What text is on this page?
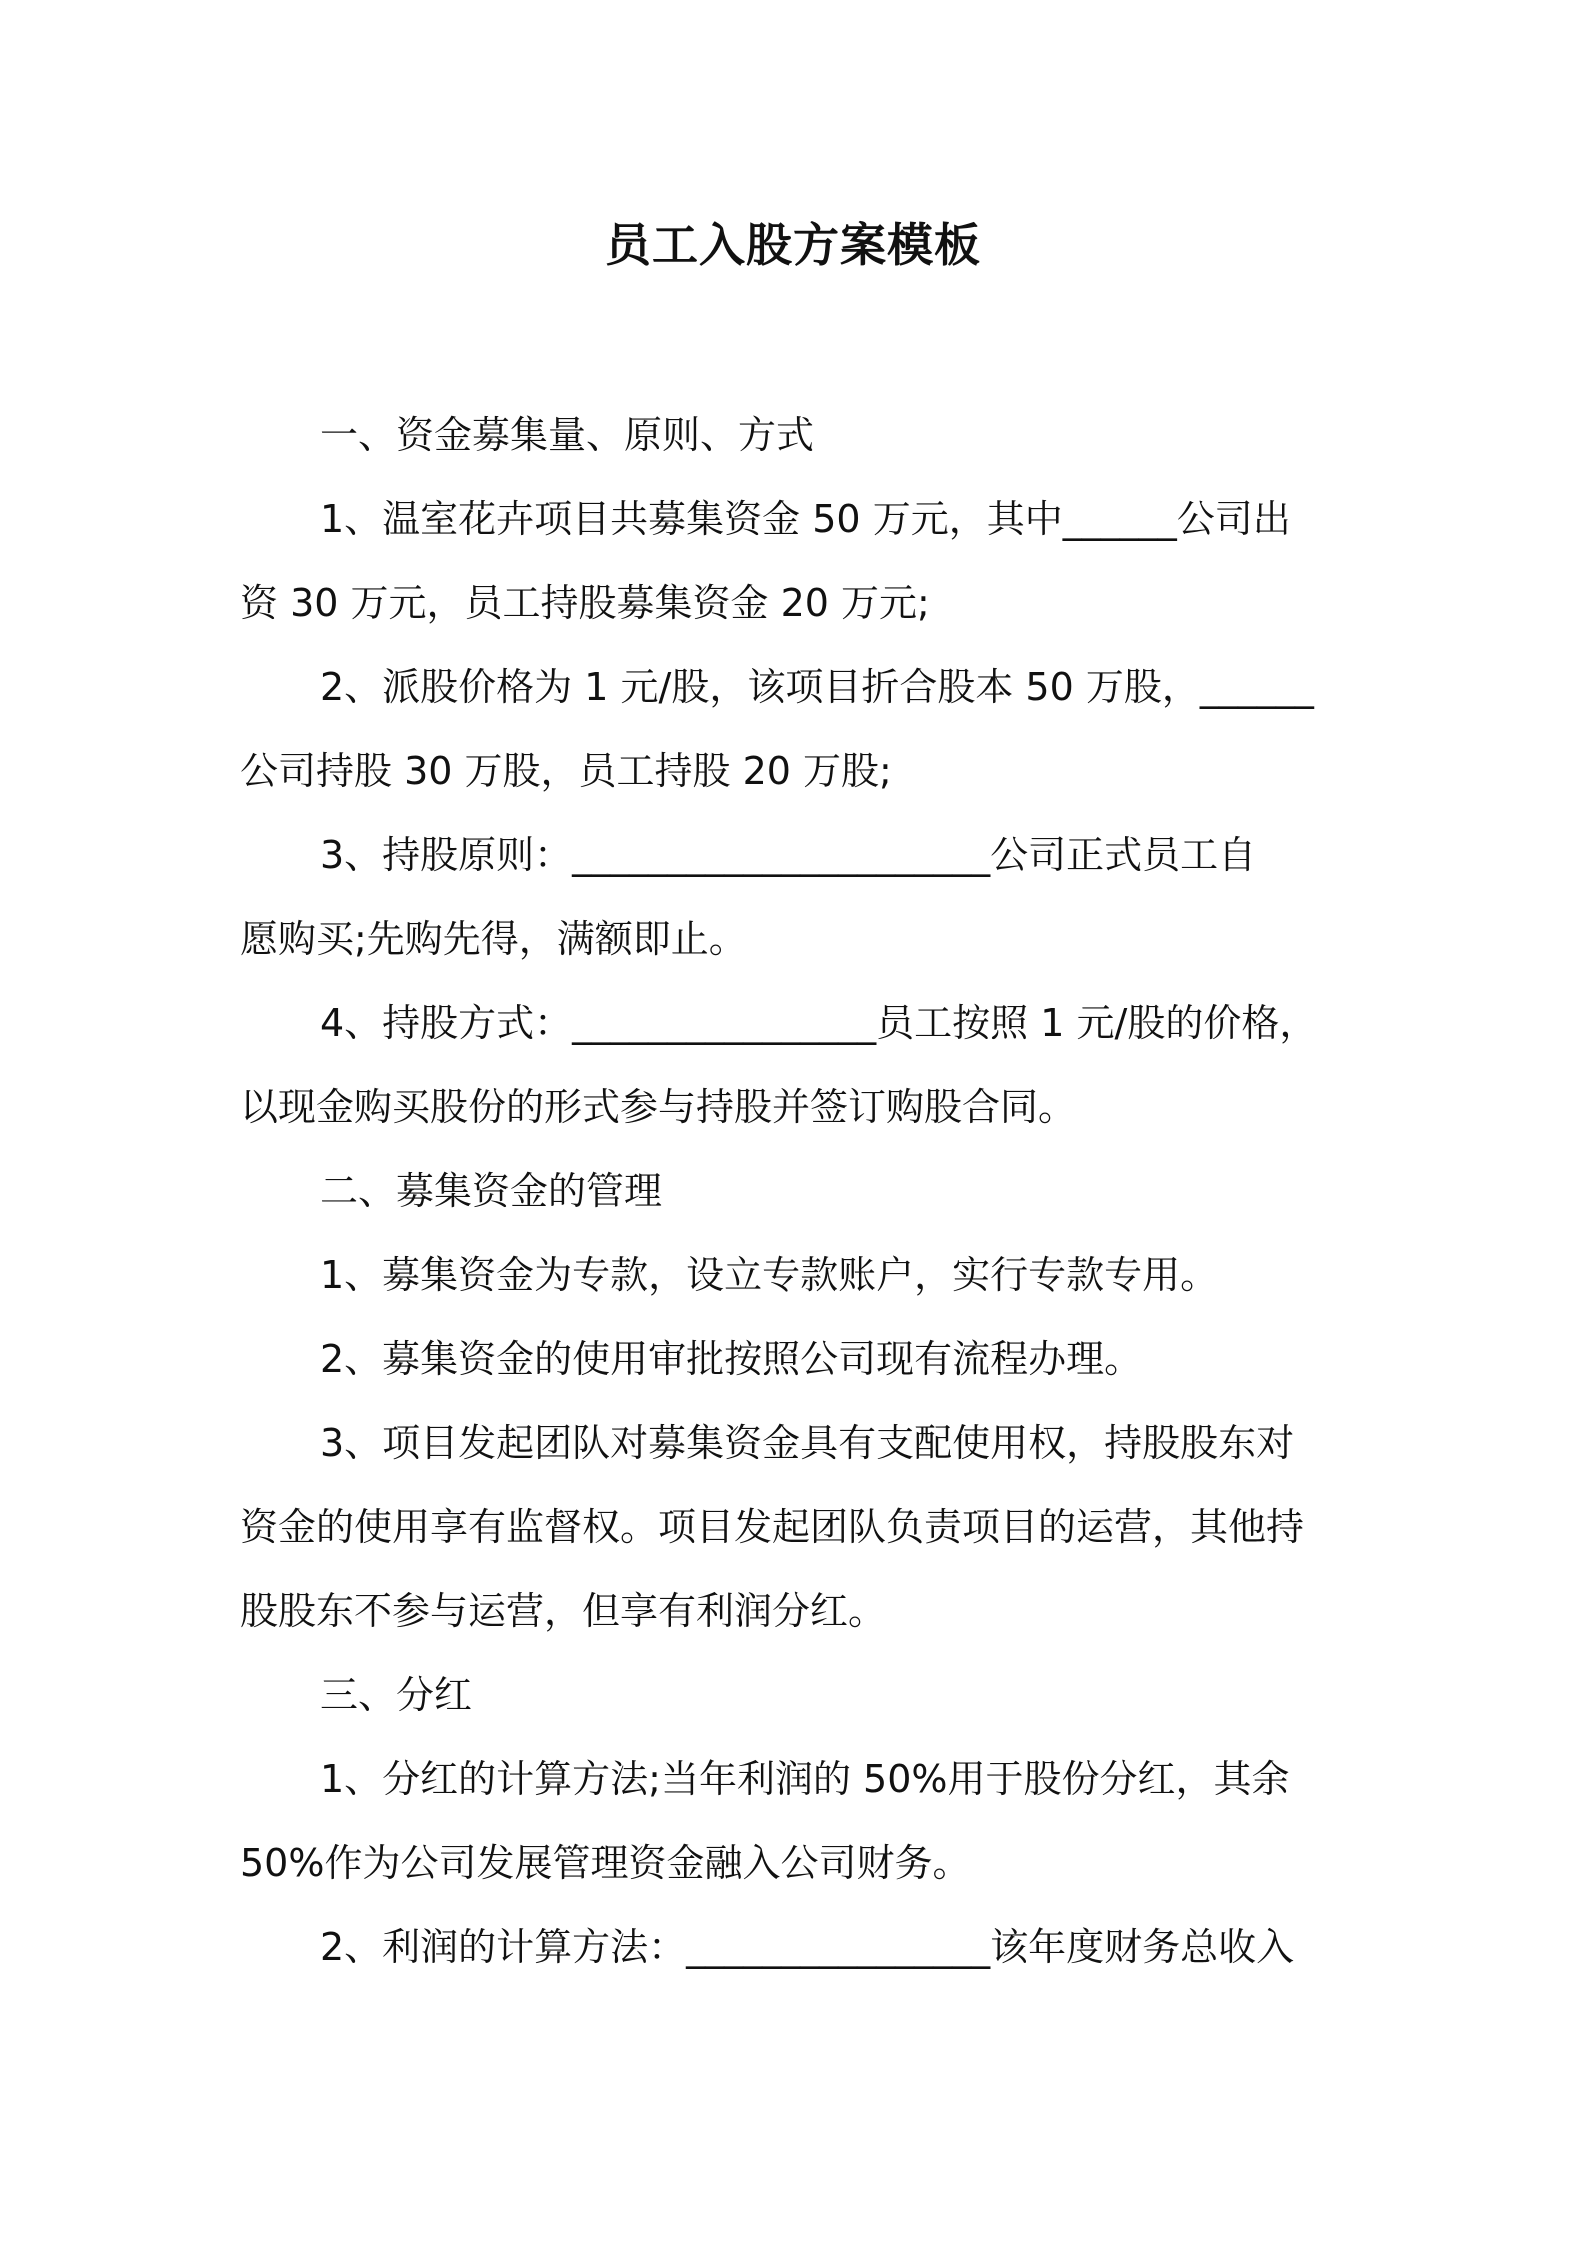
员工入股方案模板

一、资金募集量、原则、方式

1、温室花卉项目共募集资金 50 万元，其中______公司出

资 30 万元，员工持股募集资金 20 万元;

2、派股价格为 1 元/股，该项目折合股本 50 万股，______

公司持股 30 万股，员工持股 20 万股;

3、持股原则：______________________公司正式员工自

愿购买;先购先得，满额即止。

4、持股方式：________________员工按照 1 元/股的价格，

以现金购买股份的形式参与持股并签订购股合同。

二、募集资金的管理

1、募集资金为专款，设立专款账户，实行专款专用。

2、募集资金的使用审批按照公司现有流程办理。

3、项目发起团队对募集资金具有支配使用权，持股股东对

资金的使用享有监督权。项目发起团队负责项目的运营，其他持

股股东不参与运营，但享有利润分红。

三、分红

1、分红的计算方法;当年利润的 50%用于股份分红，其余

50%作为公司发展管理资金融入公司财务。

2、利润的计算方法：________________该年度财务总收入
